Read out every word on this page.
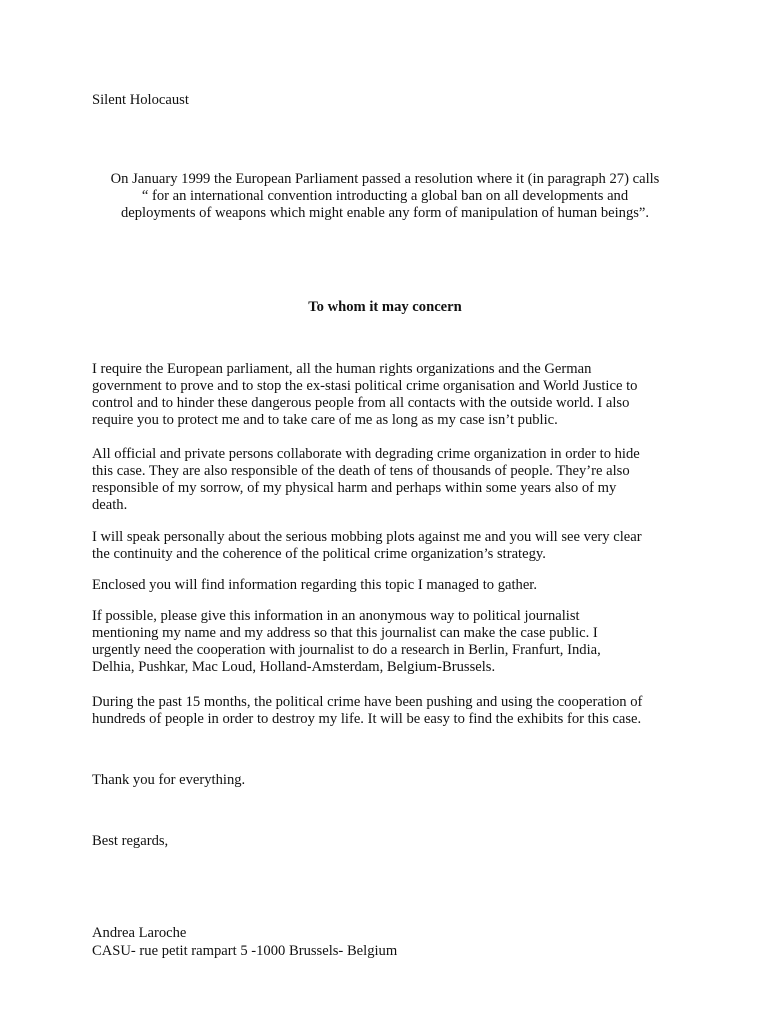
Silent Holocaust

On January 1999 the European Parliament passed a resolution where it (in paragraph 27) calls

“ for an international convention introducting a global ban on all developments and

deployments of weapons which might enable any form of manipulation of human beings”.

To whom it may concern

I require the European parliament, all the human rights organizations and the German

government to prove and to stop the ex-stasi political crime organisation and World Justice to

control and to hinder these dangerous people from all contacts with the outside world. I also

require you to protect me and to take care of me as long as my case isn’t public.

All official and private persons collaborate with degrading crime organization in order to hide

this case. They are also responsible of the death of tens of thousands of people. They’re also

responsible of my sorrow, of my physical harm and perhaps within some years also of my

death.

I will speak personally about the serious mobbing plots against me and you will see very clear

the continuity and the coherence of the political crime organization’s strategy.

Enclosed you will find information regarding this topic I managed to gather.

If possible, please give this information in an anonymous way to political journalist

mentioning my name and my address so that this journalist can make the case public. I

urgently need the cooperation with journalist to do a research in Berlin, Franfurt, India,

Delhia, Pushkar, Mac Loud, Holland-Amsterdam, Belgium-Brussels.

During the past 15 months, the political crime have been pushing and using the cooperation of

hundreds of people in order to destroy my life. It will be easy to find the exhibits for this case.

Thank you for everything.

Best regards,

Andrea Laroche

CASU- rue petit rampart 5 -1000 Brussels- Belgium
